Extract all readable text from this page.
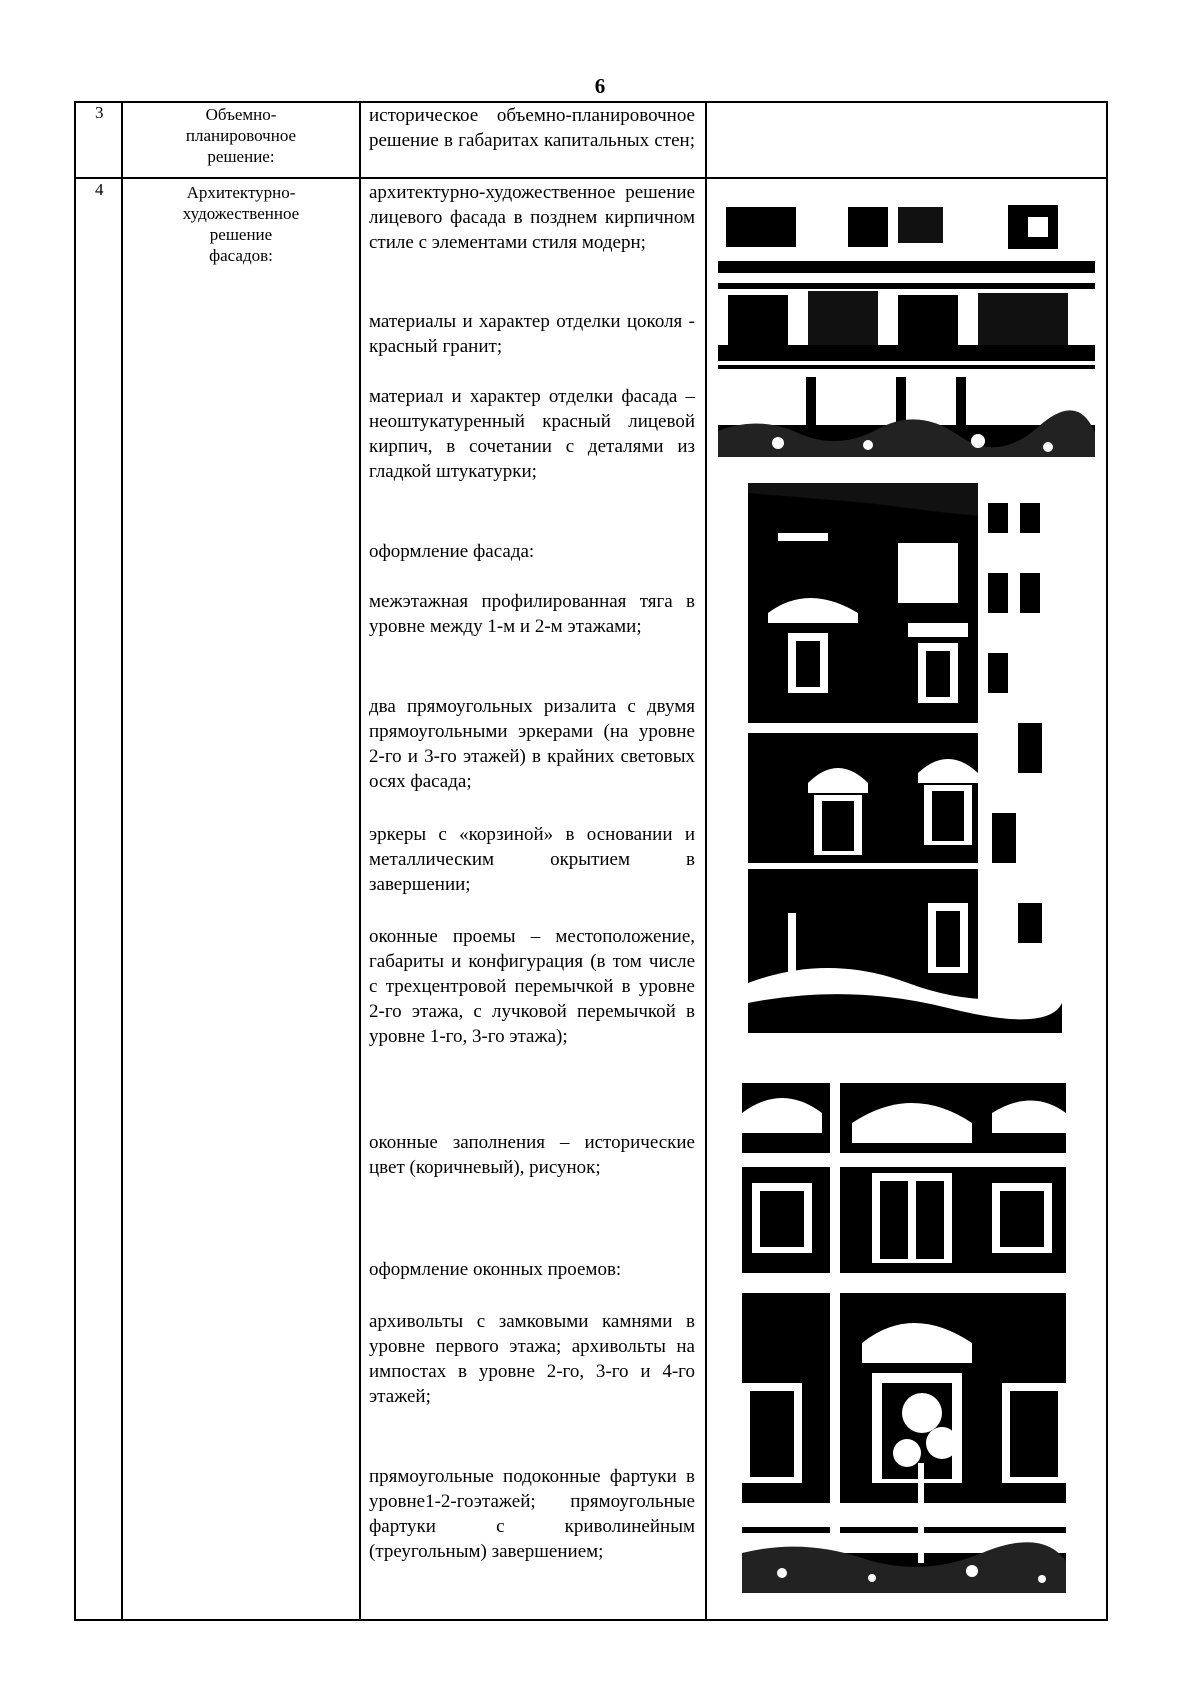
6
3	Объемно-
планировочное
решение:
историческое объемно-планировочное решение в габаритах капитальных стен;
4	Архитектурно-
художественное
решение
фасадов:
архитектурно-художественное решение лицевого фасада в позднем кирпичном стиле с элементами стиля модерн;
материалы и характер отделки цоколя - красный гранит;
материал и характер отделки фасада – неоштукатуренный красный лицевой кирпич, в сочетании с деталями из гладкой штукатурки;
оформление фасада:
межэтажная профилированная тяга в уровне между 1-м и 2-м этажами;
два прямоугольных ризалита с двумя прямоугольными эркерами (на уровне 2-го и 3-го этажей) в крайних световых осях фасада;
эркеры с «корзиной» в основании и металлическим окрытием в завершении;
оконные проемы – местоположение, габариты и конфигурация (в том числе с трехцентровой перемычкой в уровне 2-го этажа, с лучковой перемычкой в уровне 1-го, 3-го этажа);
оконные заполнения – исторические цвет (коричневый), рисунок;
оформление оконных проемов:
архивольты с замковыми камнями в уровне первого этажа; архивольты на импостах в уровне 2-го, 3-го и 4-го этажей;
прямоугольные подоконные фартуки в уровне1-2-гоэтажей; прямоугольные фартуки с криволинейным (треугольным) завершением;
